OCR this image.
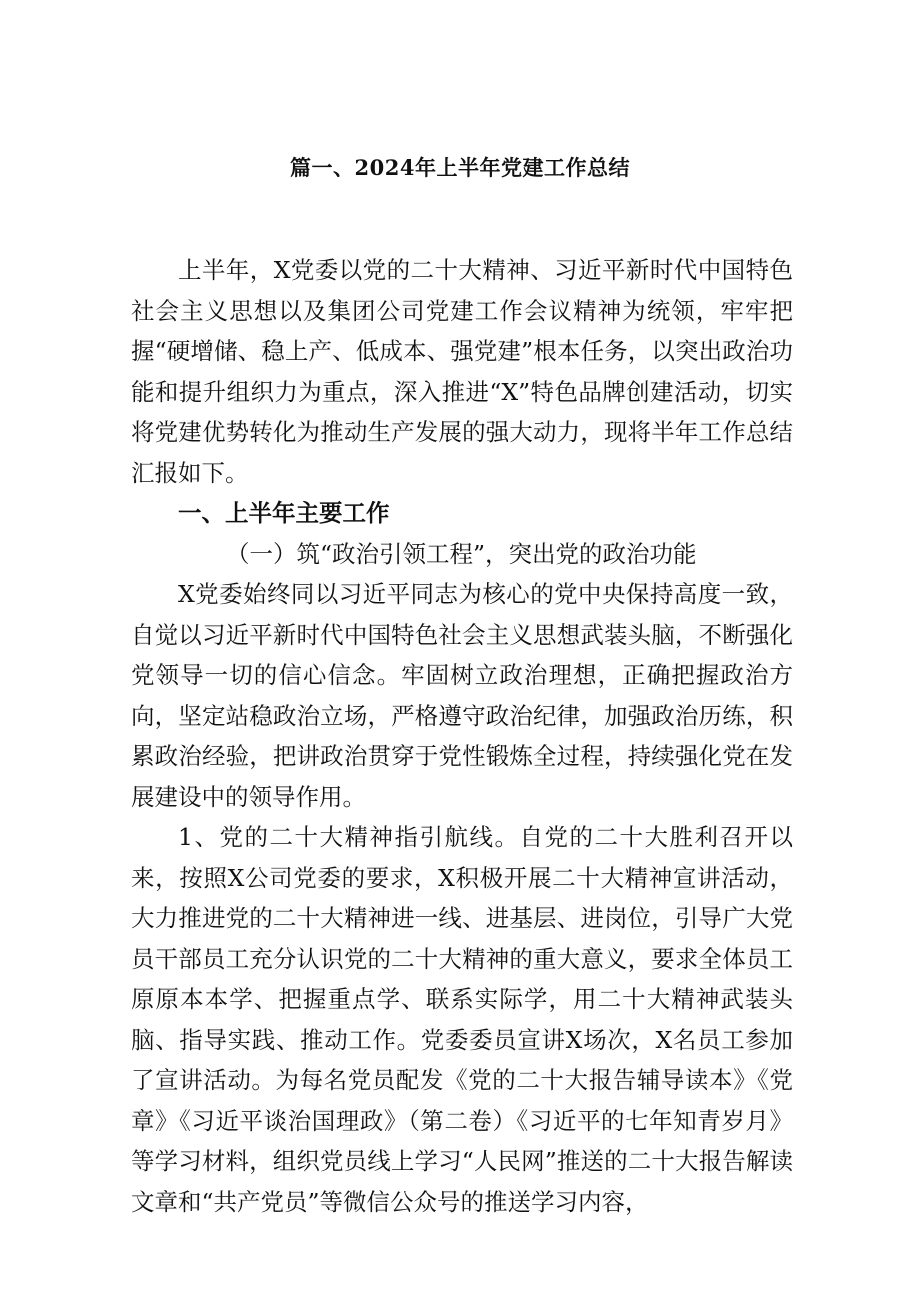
篇一、2024年上半年党建工作总结

上半年，X党委以党的二十大精神、习近平新时代中国特色社会主义思想以及集团公司党建工作会议精神为统领，牢牢把握“硬增储、稳上产、低成本、强党建”根本任务，以突出政治功能和提升组织力为重点，深入推进“X”特色品牌创建活动，切实将党建优势转化为推动生产发展的强大动力，现将半年工作总结汇报如下。

一、上半年主要工作

（一）筑“政治引领工程”，突出党的政治功能

X党委始终同以习近平同志为核心的党中央保持高度一致，自觉以习近平新时代中国特色社会主义思想武装头脑，不断强化党领导一切的信心信念。牢固树立政治理想，正确把握政治方向，坚定站稳政治立场，严格遵守政治纪律，加强政治历练，积累政治经验，把讲政治贯穿于党性锻炼全过程，持续强化党在发展建设中的领导作用。

1、党的二十大精神指引航线。自党的二十大胜利召开以来，按照X公司党委的要求，X积极开展二十大精神宣讲活动，大力推进党的二十大精神进一线、进基层、进岗位，引导广大党员干部员工充分认识党的二十大精神的重大意义，要求全体员工原原本本学、把握重点学、联系实际学，用二十大精神武装头脑、指导实践、推动工作。党委委员宣讲X场次，X名员工参加了宣讲活动。为每名党员配发《党的二十大报告辅导读本》《党章》《习近平谈治国理政》（第二卷）《习近平的七年知青岁月》等学习材料，组织党员线上学习“人民网”推送的二十大报告解读文章和“共产党员”等微信公众号的推送学习内容，
